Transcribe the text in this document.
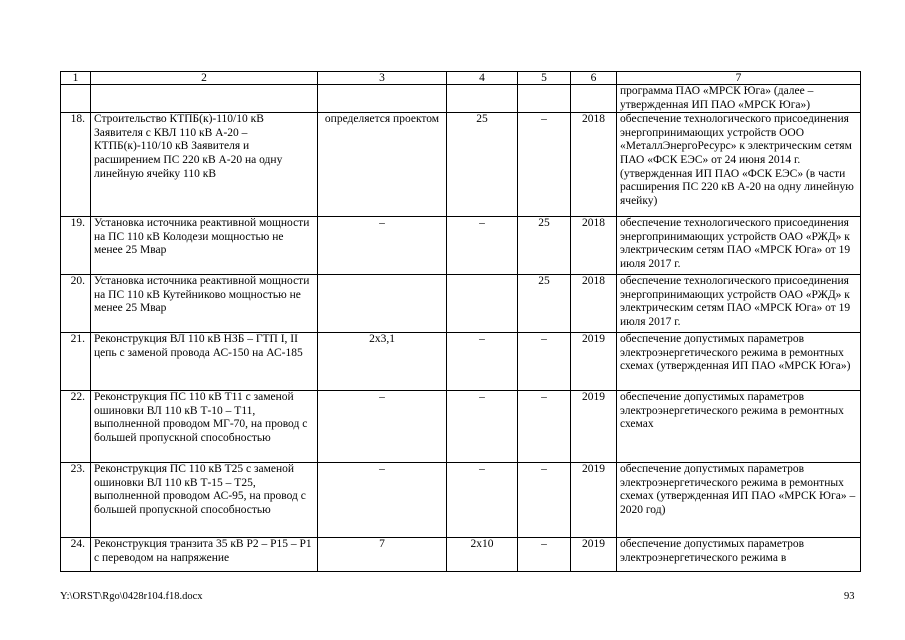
1	2	3	4	5	6	7
						программа ПАО «МРСК Юга» (далее – утвержденная ИП ПАО «МРСК Юга»)
18.	Строительство КТПБ(к)-110/10 кВ Заявителя с КВЛ 110 кВ А-20 – КТПБ(к)-110/10 кВ Заявителя и расширением ПС 220 кВ А-20 на одну линейную ячейку 110 кВ	определяется проектом	25	–	2018	обеспечение технологического присоединения энергопринимающих устройств ООО «МеталлЭнергоРесурс» к электрическим сетям ПАО «ФСК ЕЭС» от 24 июня 2014 г. (утвержденная ИП ПАО «ФСК ЕЭС» (в части расширения ПС 220 кВ А-20 на одну линейную ячейку)
19.	Установка источника реактивной мощности на ПС 110 кВ Колодези мощностью не менее 25 Мвар	–	–	25	2018	обеспечение технологического присоединения энергопринимающих устройств ОАО «РЖД» к электрическим сетям ПАО «МРСК Юга» от 19 июля 2017 г.
20.	Установка источника реактивной мощности на ПС 110 кВ Кутейниково мощностью не менее 25 Мвар			25	2018	обеспечение технологического присоединения энергопринимающих устройств ОАО «РЖД» к электрическим сетям ПАО «МРСК Юга» от 19 июля 2017 г.
21.	Реконструкция ВЛ 110 кВ НЗБ – ГТП I, II цепь с заменой провода АС-150 на АС-185	2х3,1	–	–	2019	обеспечение допустимых параметров электроэнергетического режима в ремонтных схемах (утвержденная ИП ПАО «МРСК Юга»)
22.	Реконструкция ПС 110 кВ Т11 с заменой ошиновки ВЛ 110 кВ Т-10 – Т11, выполненной проводом МГ-70, на провод с большей пропускной способностью	–	–	–	2019	обеспечение допустимых параметров электроэнергетического режима в ремонтных схемах
23.	Реконструкция ПС 110 кВ Т25 с заменой ошиновки ВЛ 110 кВ Т-15 – Т25, выполненной проводом АС-95, на провод с большей пропускной способностью	–	–	–	2019	обеспечение допустимых параметров электроэнергетического режима в ремонтных схемах (утвержденная ИП ПАО «МРСК Юга» – 2020 год)
24.	Реконструкция транзита 35 кВ Р2 – Р15 – Р1 с переводом на напряжение	7	2х10	–	2019	обеспечение допустимых параметров электроэнергетического режима в
Y:\ORST\Rgo\0428r104.f18.docx	93
